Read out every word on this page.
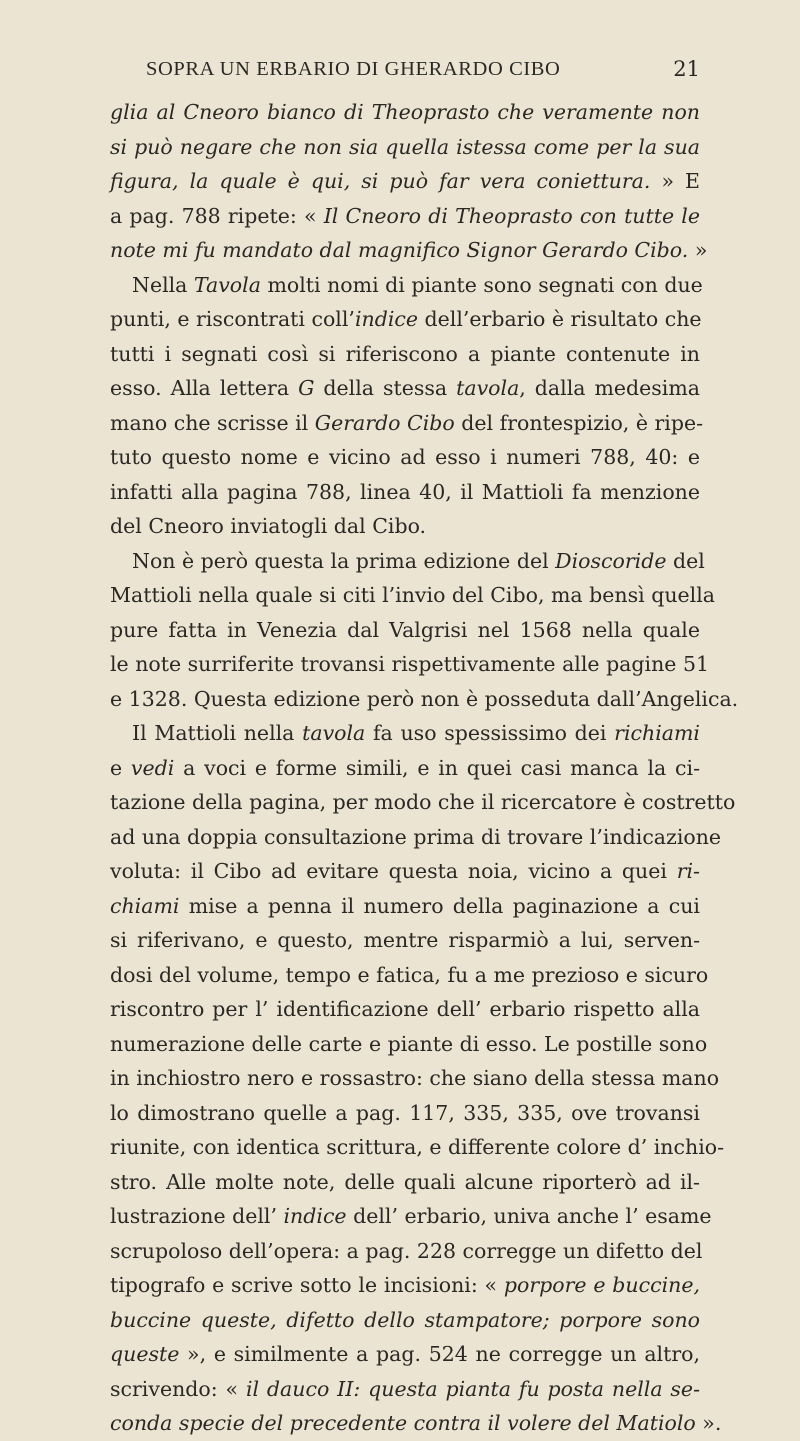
SOPRA UN ERBARIO DI GHERARDO CIBO	21
glia al Cneoro bianco di Theoprasto che veramente non
si può negare che non sia quella istessa come per la sua
figura, la quale è qui, si può far vera coniettura. » E
a pag. 788 ripete: « Il Cneoro di Theoprasto con tutte le
note mi fu mandato dal magnifico Signor Gerardo Cibo. »
Nella Tavola molti nomi di piante sono segnati con due
punti, e riscontrati coll’indice dell’erbario è risultato che
tutti i segnati così si riferiscono a piante contenute in
esso. Alla lettera G della stessa tavola, dalla medesima
mano che scrisse il Gerardo Cibo del frontespizio, è ripe-
tuto questo nome e vicino ad esso i numeri 788, 40: e
infatti alla pagina 788, linea 40, il Mattioli fa menzione
del Cneoro inviatogli dal Cibo.
Non è però questa la prima edizione del Dioscoride del
Mattioli nella quale si citi l’invio del Cibo, ma bensì quella
pure fatta in Venezia dal Valgrisi nel 1568 nella quale
le note surriferite trovansi rispettivamente alle pagine 51
e 1328. Questa edizione però non è posseduta dall’Angelica.
Il Mattioli nella tavola fa uso spessissimo dei richiami
e vedi a voci e forme simili, e in quei casi manca la ci-
tazione della pagina, per modo che il ricercatore è costretto
ad una doppia consultazione prima di trovare l’indicazione
voluta: il Cibo ad evitare questa noia, vicino a quei ri-
chiami mise a penna il numero della paginazione a cui
si riferivano, e questo, mentre risparmiò a lui, serven-
dosi del volume, tempo e fatica, fu a me prezioso e sicuro
riscontro per l’ identificazione dell’ erbario rispetto alla
numerazione delle carte e piante di esso. Le postille sono
in inchiostro nero e rossastro: che siano della stessa mano
lo dimostrano quelle a pag. 117, 335, 335, ove trovansi
riunite, con identica scrittura, e differente colore d’ inchio-
stro. Alle molte note, delle quali alcune riporterò ad il-
lustrazione dell’ indice dell’ erbario, univa anche l’ esame
scrupoloso dell’opera: a pag. 228 corregge un difetto del
tipografo e scrive sotto le incisioni: « porpore e buccine,
buccine queste, difetto dello stampatore; porpore sono
queste », e similmente a pag. 524 ne corregge un altro,
scrivendo: « il dauco II: questa pianta fu posta nella se-
conda specie del precedente contra il volere del Matiolo ».
